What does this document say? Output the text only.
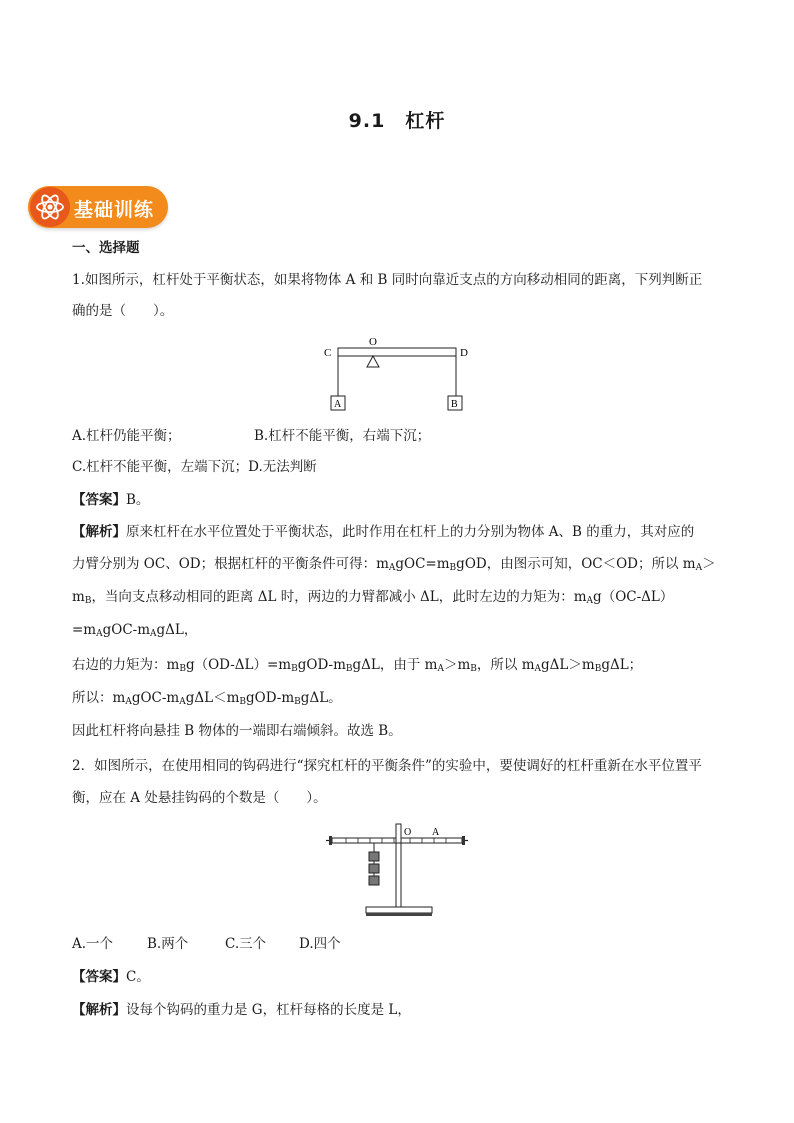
9.1　杠杆
基础训练
一、选择题
1.如图所示，杠杆处于平衡状态，如果将物体 A 和 B 同时向靠近支点的方向移动相同的距离，下列判断正
确的是（　　）。
C
O
D
A	B
A.杠杆仍能平衡；	B.杠杆不能平衡，右端下沉；
C.杠杆不能平衡，左端下沉；D.无法判断
【答案】B。
【解析】原来杠杆在水平位置处于平衡状态，此时作用在杠杆上的力分别为物体 A、B 的重力，其对应的
力臂分别为 OC、OD；根据杠杆的平衡条件可得：$m_AgOC=m_BgOD$，由图示可知，OC＜OD；所以 $m_A>$
$m_B$，当向支点移动相同的距离 ΔL 时，两边的力臂都减小 ΔL，此时左边的力矩为：$m_Ag(OC-\Delta L)$
$=m_AgOC-m_Ag\Delta L$，
右边的力矩为：$m_Bg(OD-\Delta L)=m_BgOD-m_Bg\Delta L$，由于 $m_A>m_B$，所以 $m_Ag\Delta L>m_Bg\Delta L$；
所以：$m_AgOC-m_Ag\Delta L<m_BgOD-m_Bg\Delta L$。
因此杠杆将向悬挂 B 物体的一端即右端倾斜。故选 B。
2．如图所示，在使用相同的钩码进行“探究杠杆的平衡条件”的实验中，要使调好的杠杆重新在水平位置平
衡，应在 A 处悬挂钩码的个数是（　　）。
O A
A.一个	B.两个	C.三个 D.四个
【答案】C。
【解析】设每个钩码的重力是 G，杠杆每格的长度是 L，
